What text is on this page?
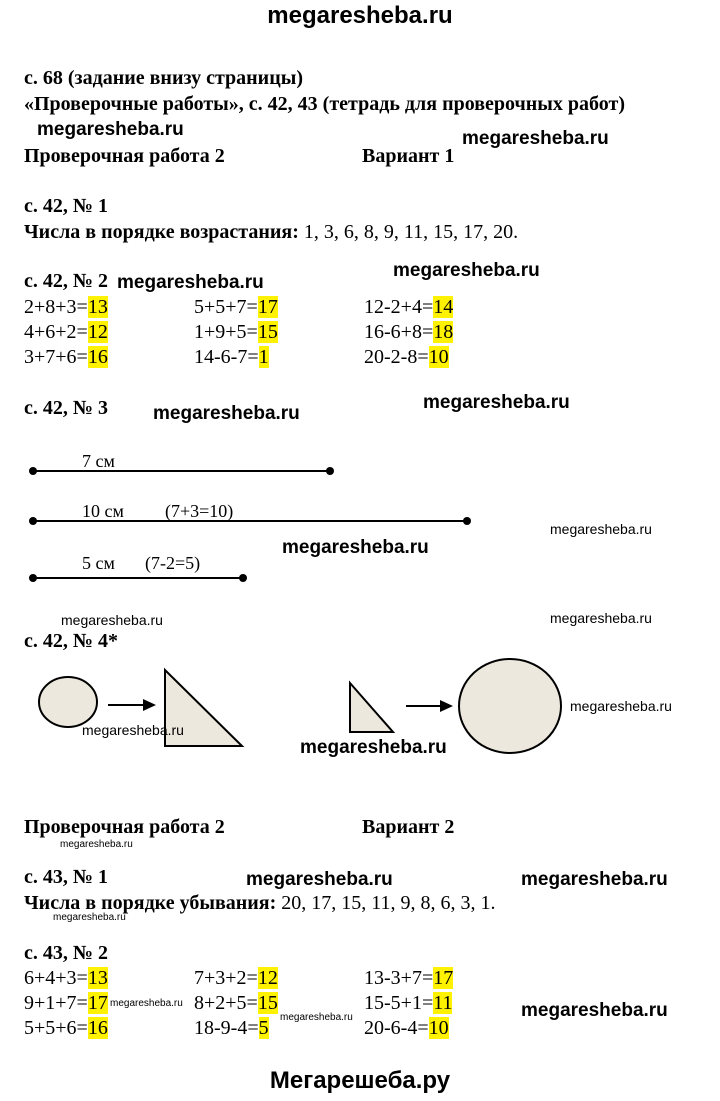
megaresheba.ru
с. 68 (задание внизу страницы)
«Проверочные работы», с. 42, 43 (тетрадь для проверочных работ)
Проверочная работа 2	Вариант 1
с. 42, № 1
Числа в порядке возрастания: 1, 3, 6, 8, 9, 11, 15, 17, 20.
с. 42, № 2
2+8+3=13	5+5+7=17	12-2+4=14
4+6+2=12	1+9+5=15	16-6+8=18
3+7+6=16	14-6-7=1	20-2-8=10
с. 42, № 3
7 см
10 см (7+3=10)
5 см (7-2=5)
с. 42, № 4*
Проверочная работа 2	Вариант 2
с. 43, № 1
Числа в порядке убывания: 20, 17, 15, 11, 9, 8, 6, 3, 1.
с. 43, № 2
6+4+3=13	7+3+2=12	13-3+7=17
9+1+7=17	8+2+5=15	15-5+1=11
5+5+6=16	18-9-4=5	20-6-4=10
megaresheba.ru	megaresheba.ru
megaresheba.ru
megaresheba.ru
megaresheba.ru
megaresheba.ru
megaresheba.ru
megaresheba.ru
megaresheba.ru	megaresheba.ru
megaresheba.ru
megaresheba.ru
megaresheba.ru
megaresheba.ru
megaresheba.ru	megaresheba.ru
megaresheba.ru
megaresheba.ru
megaresheba.ru	megaresheba.ru
Мегарешеба.ру
